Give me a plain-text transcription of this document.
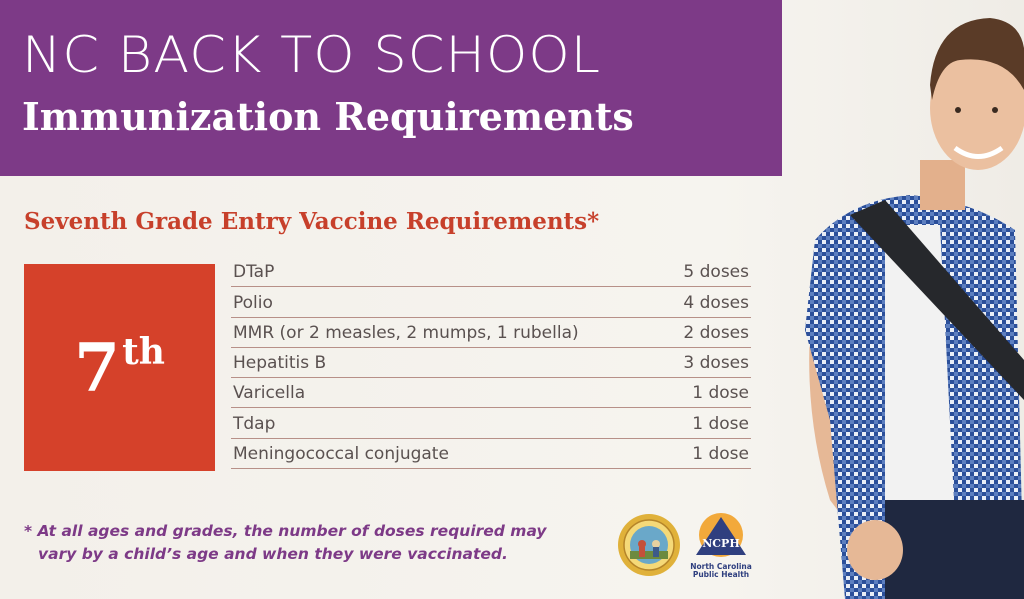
NC BACK TO SCHOOL
Immunization Requirements
Seventh Grade Entry Vaccine Requirements*
7 th
DTaP	5 doses
Polio	4 doses
MMR (or 2 measles, 2 mumps, 1 rubella)	2 doses
Hepatitis B	3 doses
Varicella	1 dose
Tdap	1 dose
Meningococcal conjugate	1 dose
* At all ages and grades, the number of doses required may
vary by a child’s age and when they were vaccinated.
NCPH
North Carolina
Public Health
